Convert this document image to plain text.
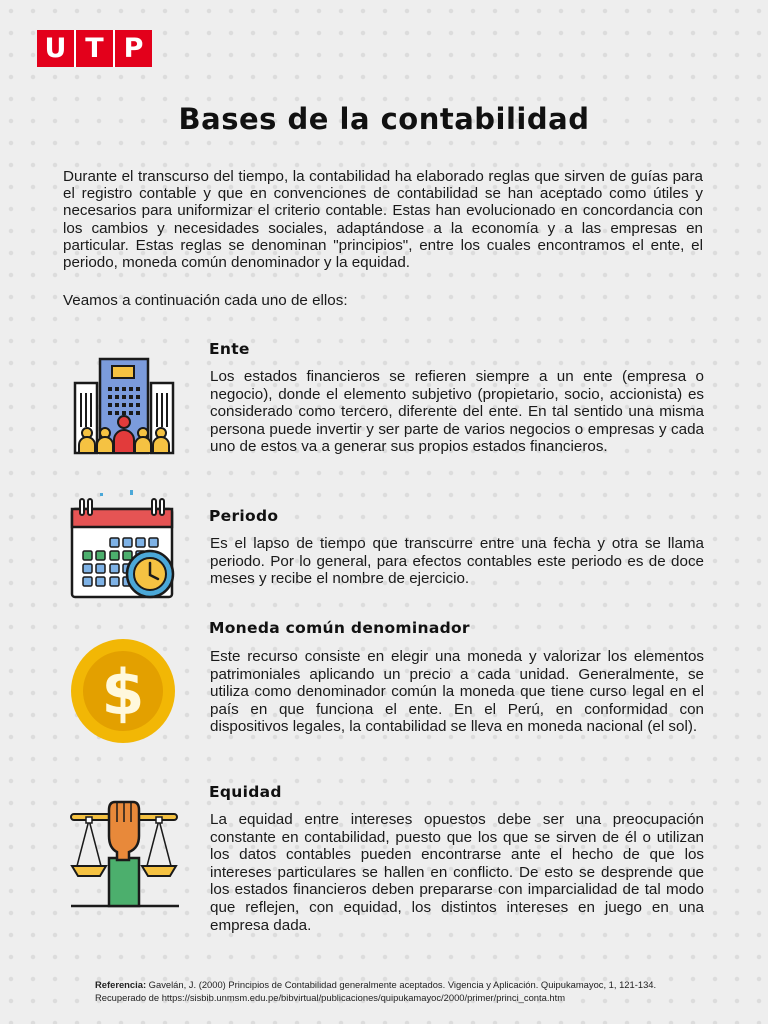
U T P
Bases de la contabilidad
Durante el transcurso del tiempo, la contabilidad ha elaborado reglas que sirven de guías para el registro contable y que en convenciones de contabilidad se han aceptado como útiles y necesarios para uniformizar el criterio contable. Estas han evolucionado en concordancia con los cambios y necesidades sociales, adaptándose a la economía y a las empresas en particular. Estas reglas se denominan "principios", entre los cuales encontramos el ente, el periodo, moneda común denominador y la equidad.
Veamos a continuación cada uno de ellos:
Ente
Los estados financieros se refieren siempre a un ente (empresa o negocio), donde el elemento subjetivo (propietario, socio, accionista) es considerado como tercero, diferente del ente. En tal sentido una misma persona puede invertir y ser parte de varios negocios o empresas y cada uno de estos va a generar sus propios estados financieros.
Periodo
Es el lapso de tiempo que transcurre entre una fecha y otra se llama periodo. Por lo general, para efectos contables este periodo es de doce meses y recibe el nombre de ejercicio.
$
Moneda común denominador
Este recurso consiste en elegir una moneda y valorizar los elementos patrimoniales aplicando un precio a cada unidad. Generalmente, se utiliza como denominador común la moneda que tiene curso legal en el país en que funciona el ente. En el Perú, en conformidad con dispositivos legales, la contabilidad se lleva en moneda nacional (el sol).
Equidad
La equidad entre intereses opuestos debe ser una preocupación constante en contabilidad, puesto que los que se sirven de él o utilizan los datos contables pueden encontrarse ante el hecho de que los intereses particulares se hallen en conflicto. De esto se desprende que los estados financieros deben prepararse con imparcialidad de tal modo que reflejen, con equidad, los distintos intereses en juego en una empresa dada.
Referencia: Gavelán, J. (2000) Principios de Contabilidad generalmente aceptados. Vigencia y Aplicación. Quipukamayoc, 1, 121-134. Recuperado de https://sisbib.unmsm.edu.pe/bibvirtual/publicaciones/quipukamayoc/2000/primer/princi_conta.htm
